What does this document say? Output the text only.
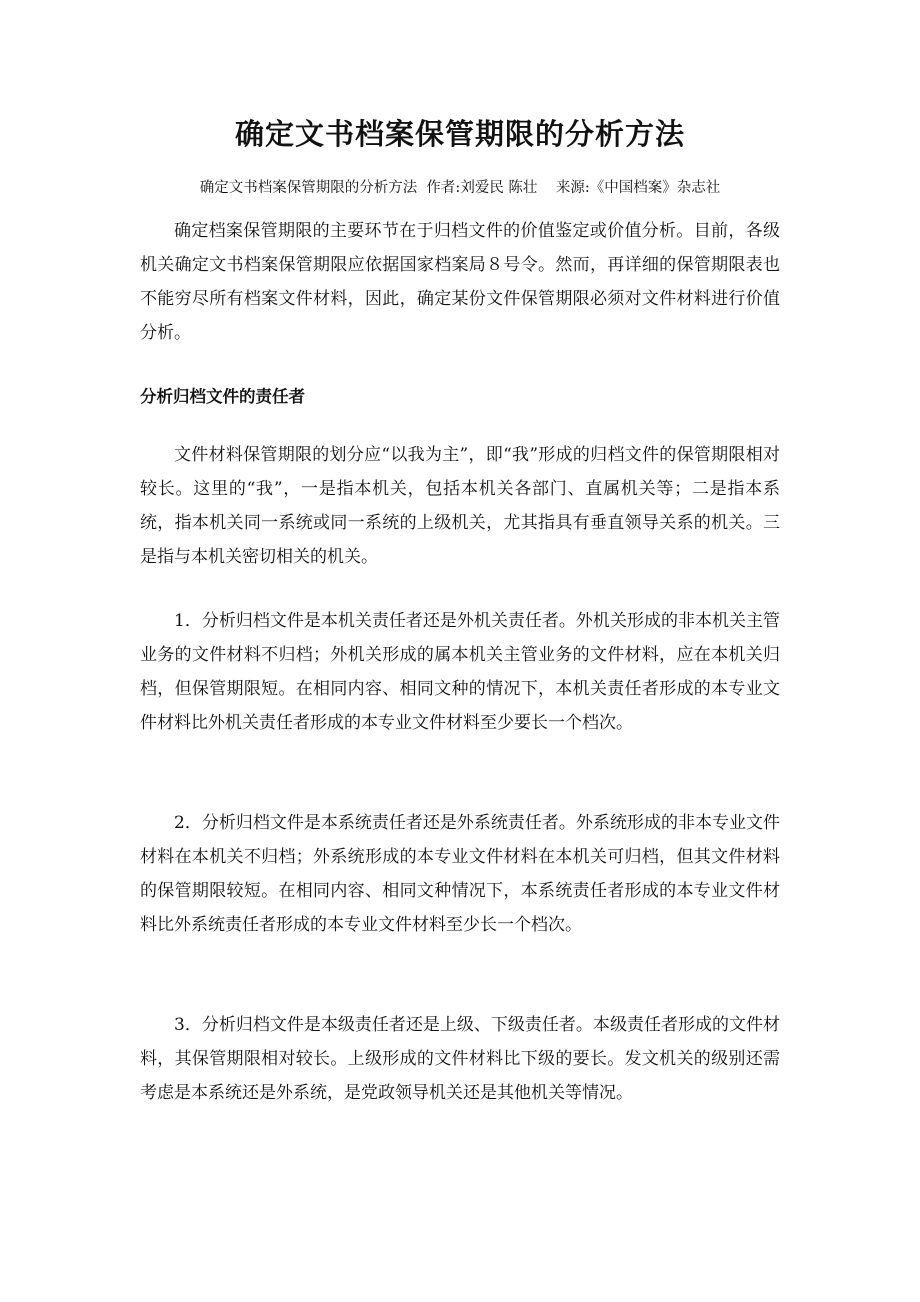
确定文书档案保管期限的分析方法

确定文书档案保管期限的分析方法  作者:刘爱民 陈壮    来源:《中国档案》杂志社

确定档案保管期限的主要环节在于归档文件的价值鉴定或价值分析。目前，各级机关确定文书档案保管期限应依据国家档案局８号令。然而，再详细的保管期限表也不能穷尽所有档案文件材料，因此，确定某份文件保管期限必须对文件材料进行价值分析。

分析归档文件的责任者

文件材料保管期限的划分应“以我为主”，即“我”形成的归档文件的保管期限相对较长。这里的“我”，一是指本机关，包括本机关各部门、直属机关等；二是指本系统，指本机关同一系统或同一系统的上级机关，尤其指具有垂直领导关系的机关。三是指与本机关密切相关的机关。

1．分析归档文件是本机关责任者还是外机关责任者。外机关形成的非本机关主管业务的文件材料不归档；外机关形成的属本机关主管业务的文件材料，应在本机关归档，但保管期限短。在相同内容、相同文种的情况下，本机关责任者形成的本专业文件材料比外机关责任者形成的本专业文件材料至少要长一个档次。

2．分析归档文件是本系统责任者还是外系统责任者。外系统形成的非本专业文件材料在本机关不归档；外系统形成的本专业文件材料在本机关可归档，但其文件材料的保管期限较短。在相同内容、相同文种情况下，本系统责任者形成的本专业文件材料比外系统责任者形成的本专业文件材料至少长一个档次。

3．分析归档文件是本级责任者还是上级、下级责任者。本级责任者形成的文件材料，其保管期限相对较长。上级形成的文件材料比下级的要长。发文机关的级别还需考虑是本系统还是外系统，是党政领导机关还是其他机关等情况。
